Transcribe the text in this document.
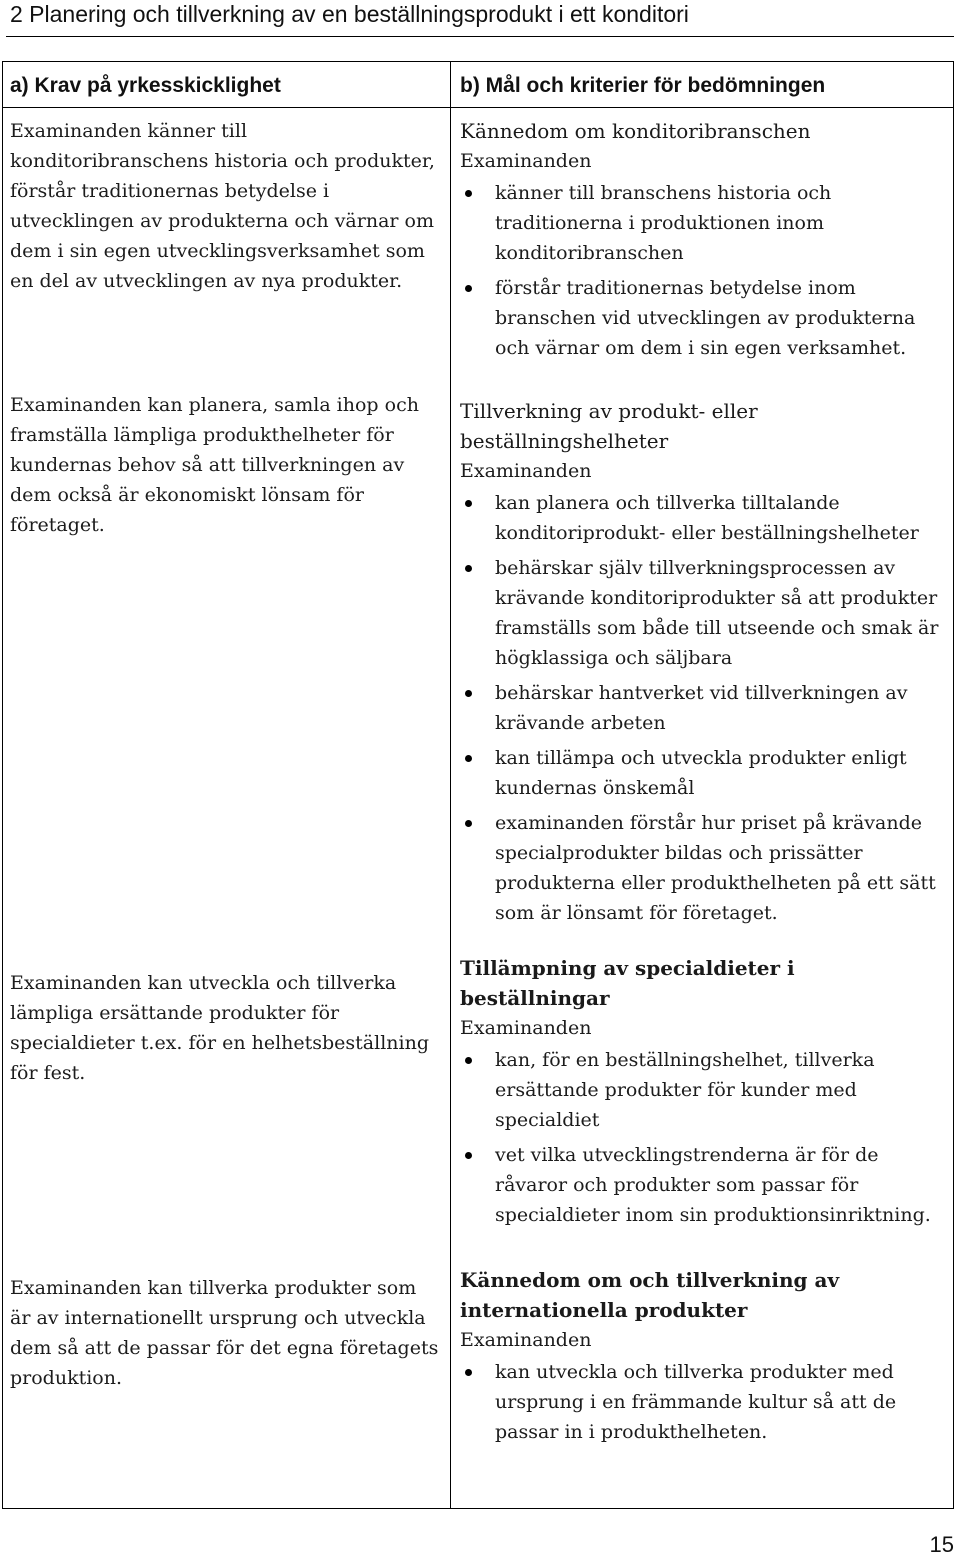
2 Planering och tillverkning av en beställningsprodukt i ett konditori
a) Krav på yrkesskicklighet	b) Mål och kriterier för bedömningen
Examinanden känner till konditoribranschens historia och produkter, förstår traditionernas betydelse i utvecklingen av produkterna och värnar om dem i sin egen utvecklingsverksamhet som en del av utvecklingen av nya produkter.
Examinanden kan planera, samla ihop och framställa lämpliga produkthelheter för kundernas behov så att tillverkningen av dem också är ekonomiskt lönsam för företaget.
Examinanden kan utveckla och tillverka lämpliga ersättande produkter för specialdieter t.ex. för en helhetsbeställning för fest.
Examinanden kan tillverka produkter som är av internationellt ursprung och utveckla dem så att de passar för det egna företagets produktion.
Kännedom om konditoribranschen
Examinanden
känner till branschens historia och traditionerna i produktionen inom konditoribranschen
förstår traditionernas betydelse inom branschen vid utvecklingen av produkterna och värnar om dem i sin egen verksamhet.
Tillverkning av produkt- eller beställningshelheter
Examinanden
kan planera och tillverka tilltalande konditoriprodukt- eller beställningshelheter
behärskar själv tillverkningsprocessen av krävande konditoriprodukter så att produkter framställs som både till utseende och smak är högklassiga och säljbara
behärskar hantverket vid tillverkningen av krävande arbeten
kan tillämpa och utveckla produkter enligt kundernas önskemål
examinanden förstår hur priset på krävande specialprodukter bildas och prissätter produkterna eller produkthelheten på ett sätt som är lönsamt för företaget.
Tillämpning av specialdieter i beställningar
Examinanden
kan, för en beställningshelhet, tillverka ersättande produkter för kunder med specialdiet
vet vilka utvecklingstrenderna är för de råvaror och produkter som passar för specialdieter inom sin produktionsinriktning.
Kännedom om och tillverkning av internationella produkter
Examinanden
kan utveckla och tillverka produkter med ursprung i en främmande kultur så att de passar in i produkthelheten.
15
